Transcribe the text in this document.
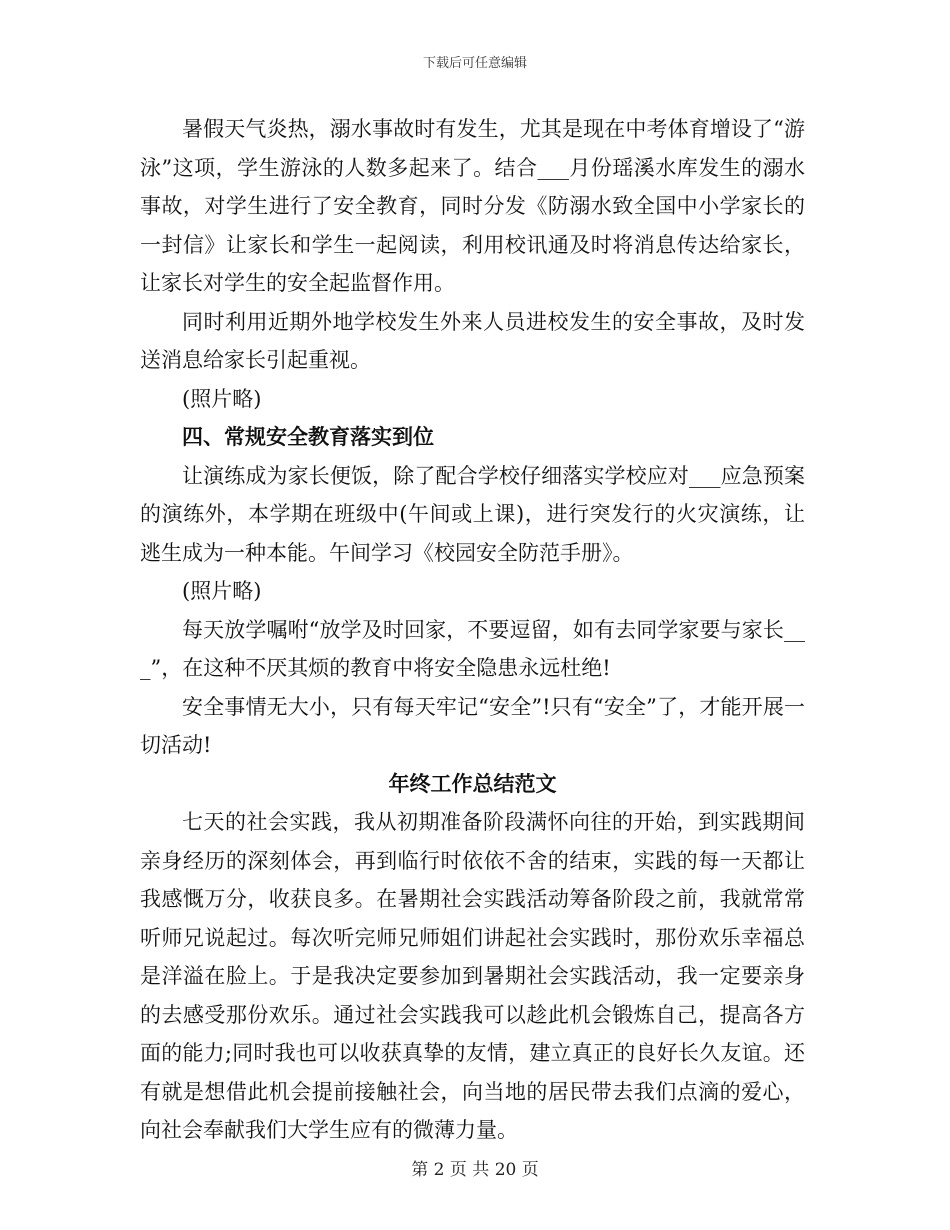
下载后可任意编辑

暑假天气炎热，溺水事故时有发生，尤其是现在中考体育增设了“游泳”这项，学生游泳的人数多起来了。结合___月份瑶溪水库发生的溺水事故，对学生进行了安全教育，同时分发《防溺水致全国中小学家长的一封信》让家长和学生一起阅读，利用校讯通及时将消息传达给家长，让家长对学生的安全起监督作用。

同时利用近期外地学校发生外来人员进校发生的安全事故，及时发送消息给家长引起重视。

(照片略)

四、常规安全教育落实到位

让演练成为家长便饭，除了配合学校仔细落实学校应对___应急预案的演练外，本学期在班级中(午间或上课)，进行突发行的火灾演练，让逃生成为一种本能。午间学习《校园安全防范手册》。

(照片略)

每天放学嘱咐“放学及时回家，不要逗留，如有去同学家要与家长___”，在这种不厌其烦的教育中将安全隐患永远杜绝!

安全事情无大小，只有每天牢记“安全”!只有“安全”了，才能开展一切活动!

年终工作总结范文

七天的社会实践，我从初期准备阶段满怀向往的开始，到实践期间亲身经历的深刻体会，再到临行时依依不舍的结束，实践的每一天都让我感慨万分，收获良多。在暑期社会实践活动筹备阶段之前，我就常常听师兄说起过。每次听完师兄师姐们讲起社会实践时，那份欢乐幸福总是洋溢在脸上。于是我决定要参加到暑期社会实践活动，我一定要亲身的去感受那份欢乐。通过社会实践我可以趁此机会锻炼自己，提高各方面的能力;同时我也可以收获真挚的友情，建立真正的良好长久友谊。还有就是想借此机会提前接触社会，向当地的居民带去我们点滴的爱心，向社会奉献我们大学生应有的微薄力量。

第 2 页 共 20 页
